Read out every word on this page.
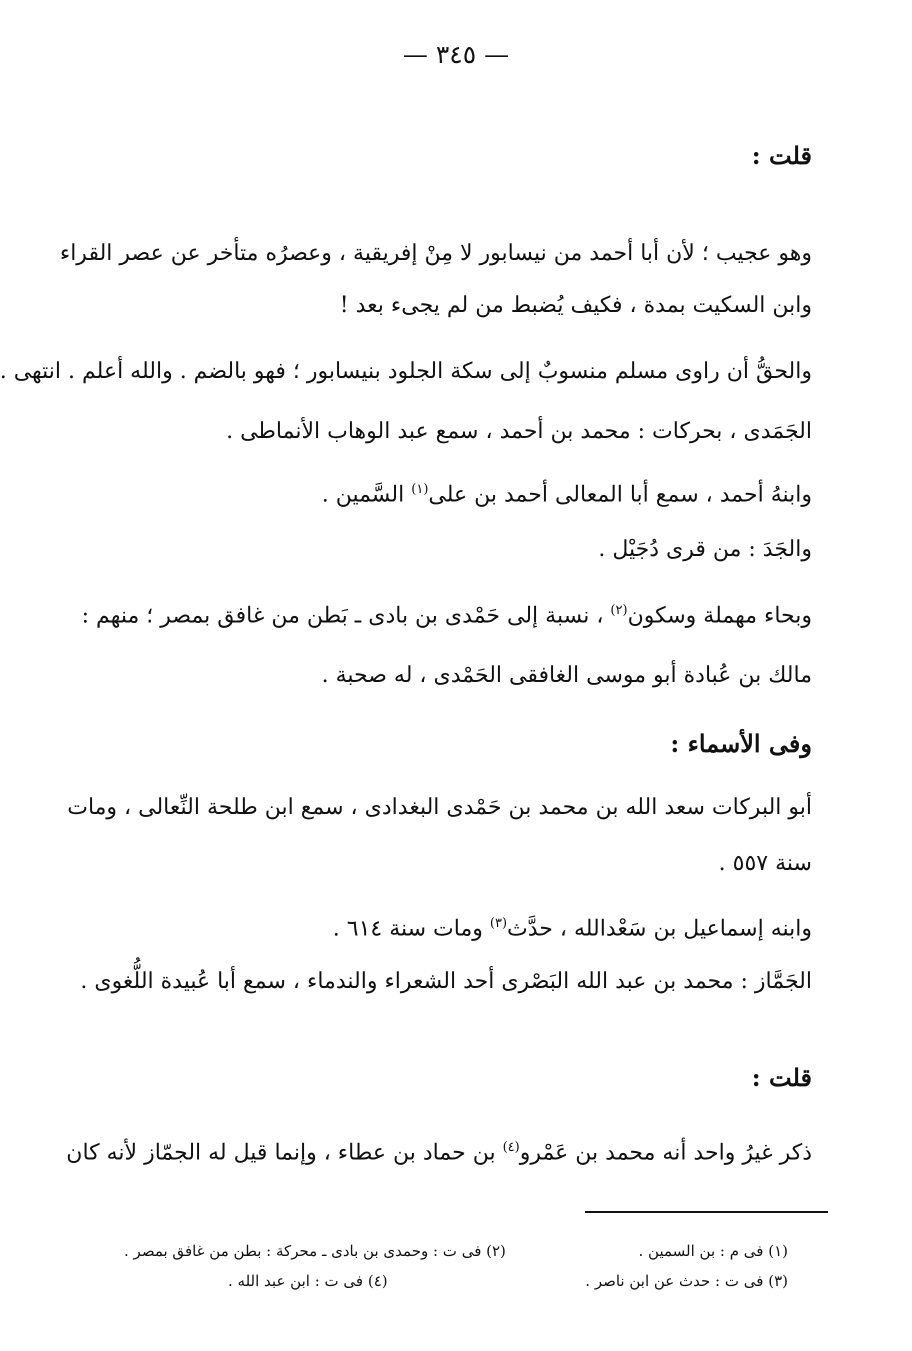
— ٣٤٥ —
قلت :
وهو عجيب ؛ لأن أبا أحمد من نيسابور لا مِنْ إفريقية ، وعصرُه متأخر عن عصر القراء
وابن السكيت بمدة ، فكيف يُضبط من لم يجىء بعد !
والحقُّ أن راوى مسلم منسوبٌ إلى سكة الجلود بنيسابور ؛ فهو بالضم . والله أعلم . انتهى .
الجَمَدى ، بحركات : محمد بن أحمد ، سمع عبد الوهاب الأنماطى .
وابنهُ أحمد ، سمع أبا المعالى أحمد بن على$^{(١)}$ السَّمين .
والجَدَ : من قرى دُجَيْل .
وبحاء مهملة وسكون$^{(٢)}$ ، نسبة إلى حَمْدى بن بادى ـ بَطن من غافق بمصر ؛ منهم :
مالك بن عُبادة أبو موسى الغافقى الحَمْدى ، له صحبة .
وفى الأسماء :
أبو البركات سعد الله بن محمد بن حَمْدى البغدادى ، سمع ابن طلحة النِّعالى ، ومات
سنة ٥٥٧ .
وابنه إسماعيل بن سَعْدالله ، حدَّث$^{(٣)}$ ومات سنة ٦١٤ .
الجَمَّاز : محمد بن عبد الله البَصْرى أحد الشعراء والندماء ، سمع أبا عُبيدة اللُّغوى .
قلت :
ذكر غيرُ واحد أنه محمد بن عَمْرو$^{(٤)}$ بن حماد بن عطاء ، وإنما قيل له الجمّاز لأنه كان
(١) فى م : بن السمين .
(٢) فى ت : وحمدى بن بادى ـ محركة : بطن من غافق بمصر .
(٣) فى ت : حدث عن ابن ناصر .
(٤) فى ت : ابن عبد الله .
